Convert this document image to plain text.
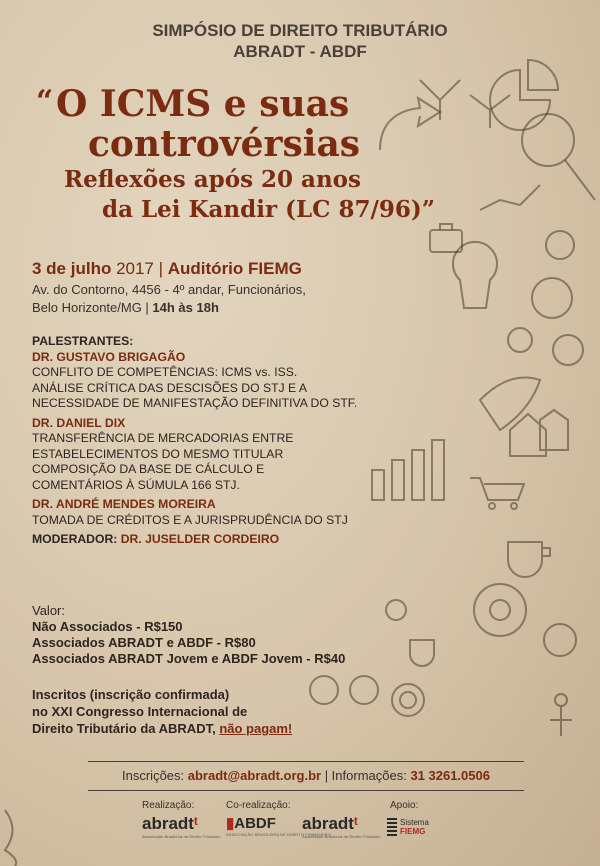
SIMPÓSIO DE DIREITO TRIBUTÁRIO
ABRADT - ABDF
“ O ICMS e suas
controvérsias
Reflexões após 20 anos
da Lei Kandir (LC 87/96)”
3 de julho 2017 | Auditório FIEMG
Av. do Contorno, 4456 - 4º andar, Funcionários,
Belo Horizonte/MG | 14h às 18h
PALESTRANTES:
DR. GUSTAVO BRIGAGÃO
CONFLITO DE COMPETÊNCIAS: ICMS vs. ISS.
ANÁLISE CRÍTICA DAS DESCISÕES DO STJ E A
NECESSIDADE DE MANIFESTAÇÃO DEFINITIVA DO STF.
DR. DANIEL DIX
TRANSFERÊNCIA DE MERCADORIAS ENTRE
ESTABELECIMENTOS DO MESMO TITULAR
COMPOSIÇÃO DA BASE DE CÁLCULO E
COMENTÁRIOS À SÚMULA 166 STJ.
DR. ANDRÉ MENDES MOREIRA
TOMADA DE CRÉDITOS E A JURISPRUDÊNCIA DO STJ
MODERADOR: DR. JUSELDER CORDEIRO
Valor:
Não Associados - R$150
Associados ABRADT e ABDF - R$80
Associados ABRADT Jovem e ABDF Jovem - R$40
Inscritos (inscrição confirmada)
no XXI Congresso Internacional de
Direito Tributário da ABRADT, não pagam!
Inscrições: abradt@abradt.org.br | Informações: 31 3261.0506
Realização:	Co-realização:	Apoio:
abradtᵗ
Associação Brasileira de Direito Tributário
▮ABDF
ASSOCIAÇÃO BRASILEIRA DE DIREITO FINANCEIRO
abradtᵗ
Associação Brasileira de Direito Tributário
Sistema
FIEMG
